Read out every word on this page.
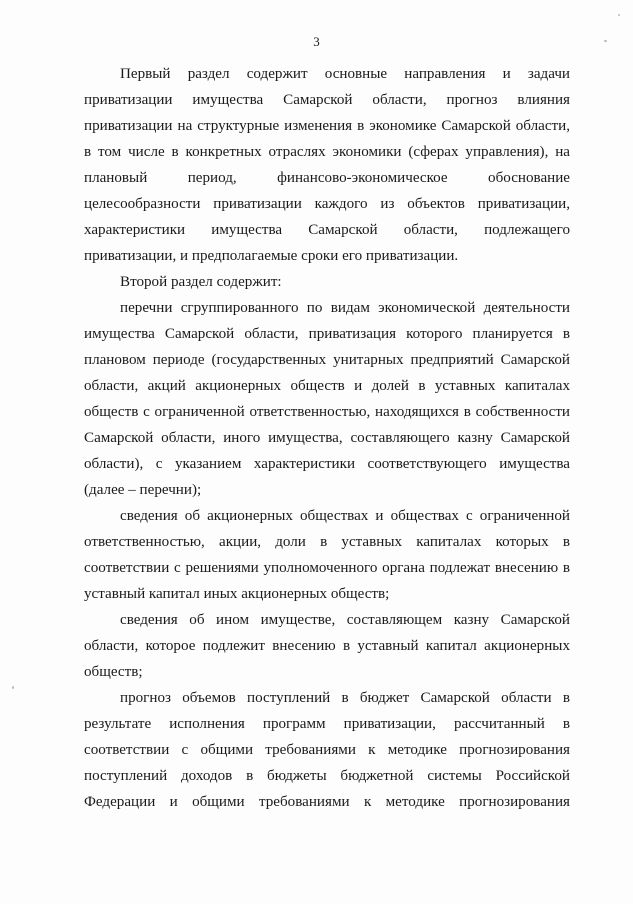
3

Первый раздел содержит основные направления и задачи приватизации имущества Самарской области, прогноз влияния приватизации на структурные изменения в экономике Самарской области, в том числе в конкретных отраслях экономики (сферах управления), на плановый период, финансово-экономическое обоснование целесообразности приватизации каждого из объектов приватизации, характеристики имущества Самарской области, подлежащего приватизации, и предполагаемые сроки его приватизации.

Второй раздел содержит:

перечни сгруппированного по видам экономической деятельности имущества Самарской области, приватизация которого планируется в плановом периоде (государственных унитарных предприятий Самарской области, акций акционерных обществ и долей в уставных капиталах обществ с ограниченной ответственностью, находящихся в собственности Самарской области, иного имущества, составляющего казну Самарской области), с указанием характеристики соответствующего имущества (далее – перечни);

сведения об акционерных обществах и обществах с ограниченной ответственностью, акции, доли в уставных капиталах которых в соответствии с решениями уполномоченного органа подлежат внесению в уставный капитал иных акционерных обществ;

сведения об ином имуществе, составляющем казну Самарской области, которое подлежит внесению в уставный капитал акционерных обществ;

прогноз объемов поступлений в бюджет Самарской области в результате исполнения программ приватизации, рассчитанный в соответствии с общими требованиями к методике прогнозирования поступлений доходов в бюджеты бюджетной системы Российской Федерации и общими требованиями к методике прогнозирования
